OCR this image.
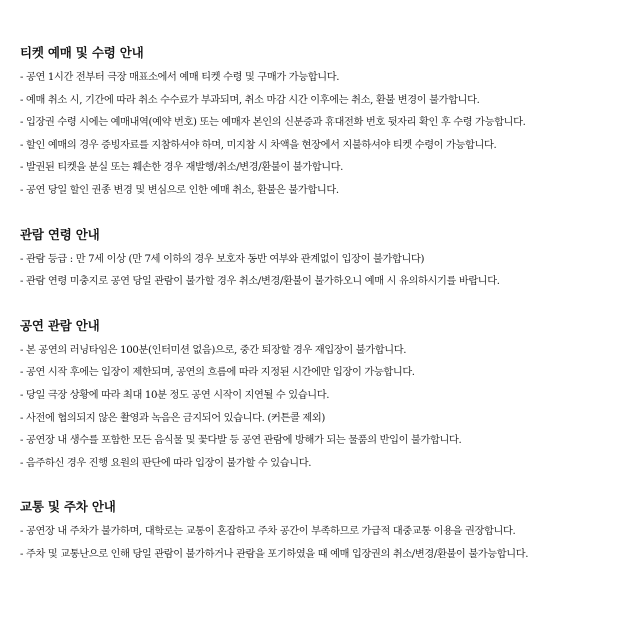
티켓 예매 및 수령 안내
- 공연 1시간 전부터 극장 매표소에서 예매 티켓 수령 및 구매가 가능합니다.
- 예매 취소 시, 기간에 따라 취소 수수료가 부과되며, 취소 마감 시간 이후에는 취소, 환불 변경이 불가합니다.
- 입장권 수령 시에는 예매내역(예약 번호) 또는 예매자 본인의 신분증과 휴대전화 번호 뒷자리 확인 후 수령 가능합니다.
- 할인 예매의 경우 증빙자료를 지참하셔야 하며, 미지참 시 차액을 현장에서 지불하셔야 티켓 수령이 가능합니다.
- 발권된 티켓을 분실 또는 훼손한 경우 재발행/취소/변경/환불이 불가합니다.
- 공연 당일 할인 권종 변경 및 변심으로 인한 예매 취소, 환불은 불가합니다.
관람 연령 안내
- 관람 등급 : 만 7세 이상 (만 7세 이하의 경우 보호자 동반 여부와 관계없이 입장이 불가합니다)
- 관람 연령 미충지로 공연 당일 관람이 불가할 경우 취소/변경/환불이 불가하오니 예매 시 유의하시기를 바랍니다.
공연 관람 안내
- 본 공연의 러닝타임은 100분(인터미션 없음)으로, 중간 퇴장할 경우 재입장이 불가합니다.
- 공연 시작 후에는 입장이 제한되며, 공연의 흐름에 따라 지정된 시간에만 입장이 가능합니다.
- 당일 극장 상황에 따라 최대 10분 정도 공연 시작이 지연될 수 있습니다.
- 사전에 협의되지 않은 촬영과 녹음은 금지되어 있습니다. (커튼콜 제외)
- 공연장 내 생수를 포함한 모든 음식물 및 꽃다발 등 공연 관람에 방해가 되는 물품의 반입이 불가합니다.
- 음주하신 경우 진행 요원의 판단에 따라 입장이 불가할 수 있습니다.
교통 및 주차 안내
- 공연장 내 주차가 불가하며, 대학로는 교통이 혼잡하고 주차 공간이 부족하므로 가급적 대중교통 이용을 권장합니다.
- 주차 및 교통난으로 인해 당일 관람이 불가하거나 관람을 포기하였을 때 예매 입장권의 취소/변경/환불이 불가능합니다.
